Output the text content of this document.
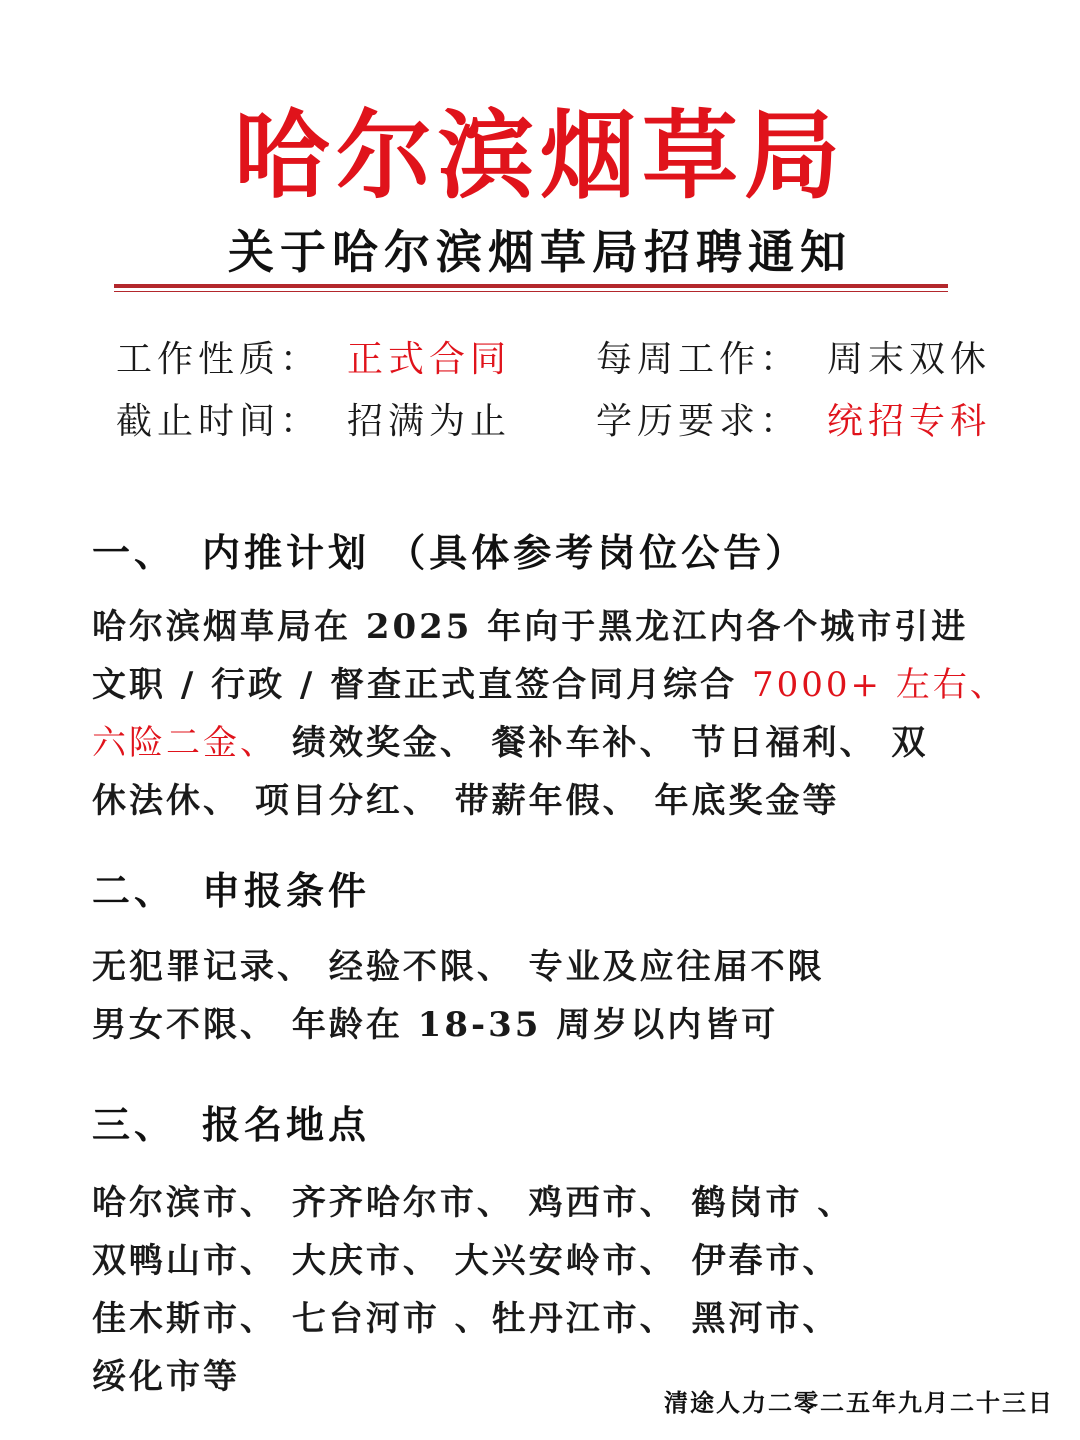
哈尔滨烟草局
关于哈尔滨烟草局招聘通知
工作性质： 正式合同 每周工作： 周末双休
截止时间： 招满为止 学历要求： 统招专科
一、 内推计划 （具体参考岗位公告）
哈尔滨烟草局在 2025 年向于黑龙江内各个城市引进
文职 / 行政 / 督查正式直签合同月综合 7000+ 左右、
六险二金、 绩效奖金、 餐补车补、 节日福利、 双
休法休、 项目分红、 带薪年假、 年底奖金等
二、 申报条件
无犯罪记录、 经验不限、 专业及应往届不限
男女不限、 年龄在 18-35 周岁以内皆可
三、 报名地点
哈尔滨市、 齐齐哈尔市、 鸡西市、 鹤岗市 、
双鸭山市、 大庆市、 大兴安岭市、 伊春市、
佳木斯市、 七台河市 、牡丹江市、 黑河市、
绥化市等
清途人力二零二五年九月二十三日
